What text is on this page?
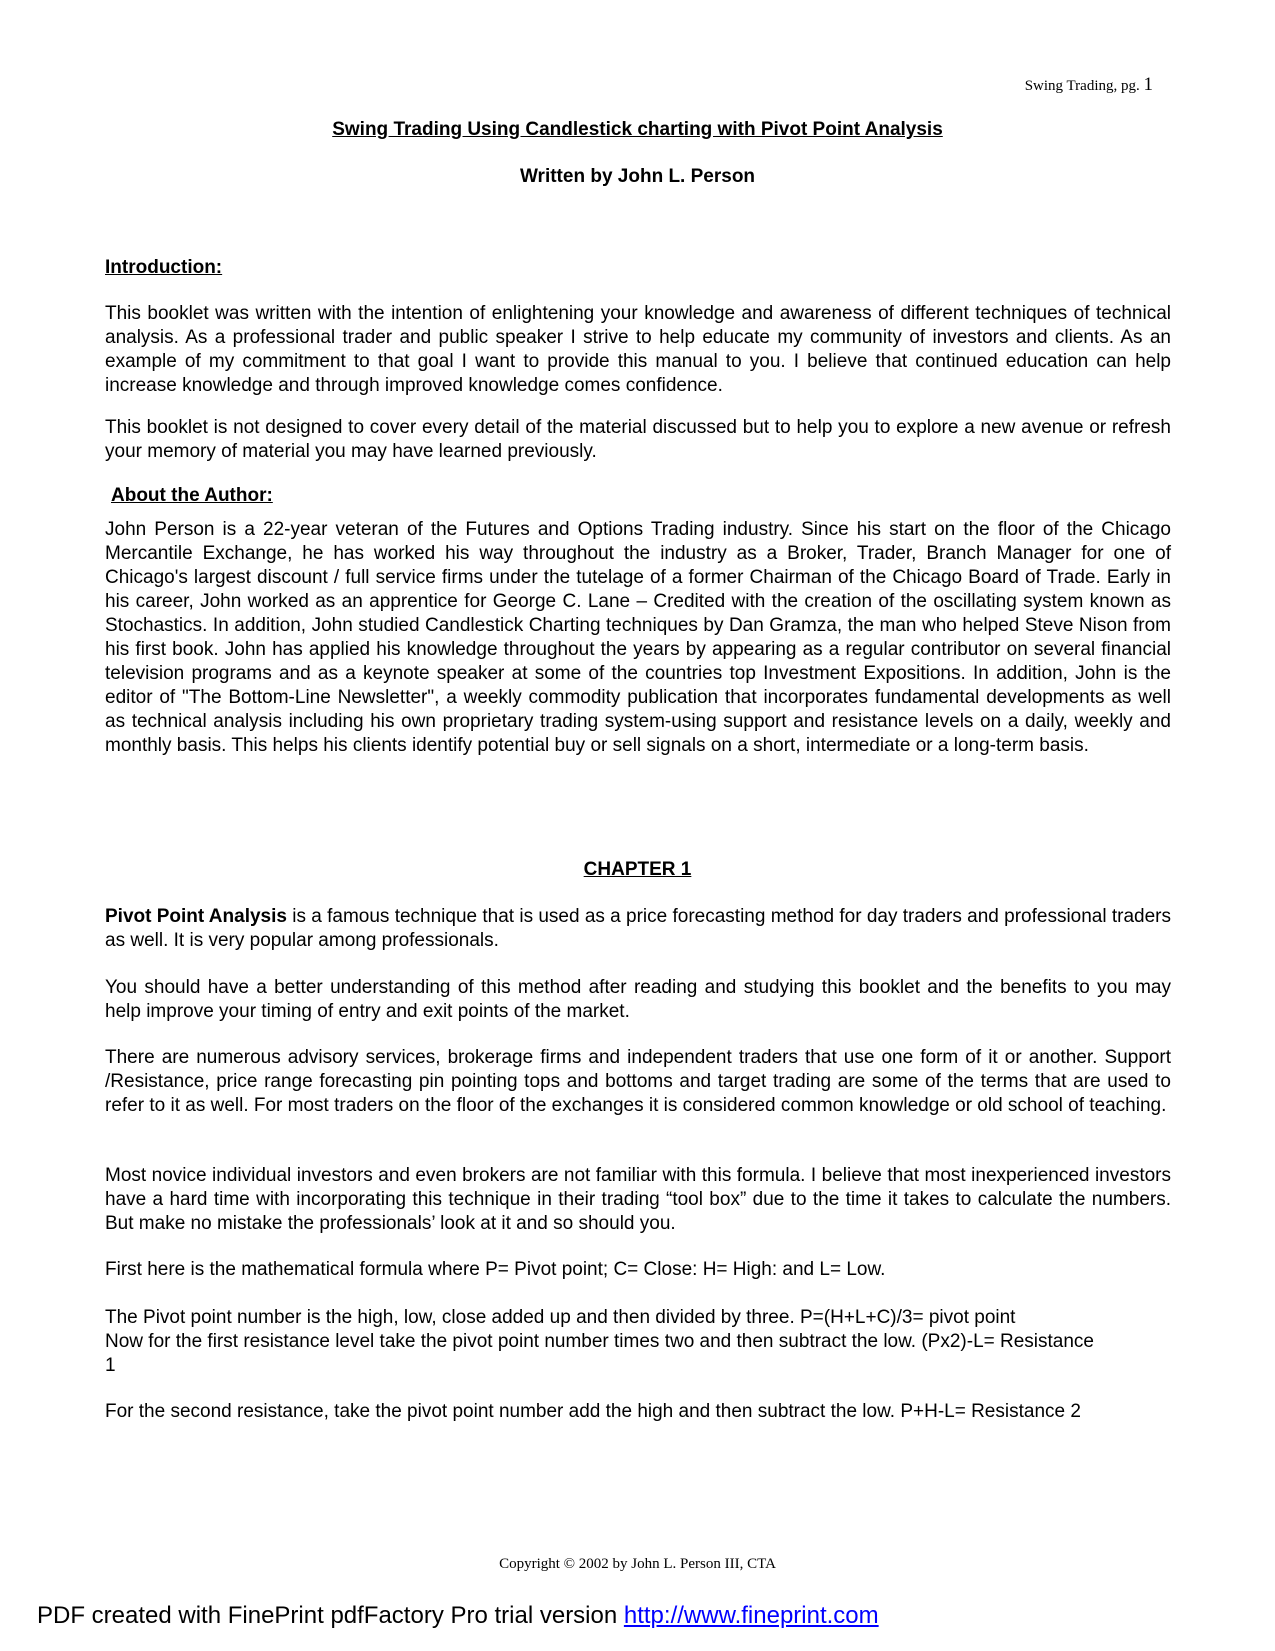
Swing Trading, pg. 1
Swing Trading Using Candlestick charting with Pivot Point Analysis
Written by John L. Person
Introduction:

This booklet was written with the intention of enlightening your knowledge and awareness of different techniques of technical analysis. As a professional trader and public speaker I strive to help educate my community of investors and clients. As an example of my commitment to that goal I want to provide this manual to you. I believe that continued education can help increase knowledge and through improved knowledge comes confidence.

This booklet is not designed to cover every detail of the material discussed but to help you to explore a new avenue or refresh your memory of material you may have learned previously.

About the Author:

John Person is a 22-year veteran of the Futures and Options Trading industry. Since his start on the floor of the Chicago Mercantile Exchange, he has worked his way throughout the industry as a Broker, Trader, Branch Manager for one of Chicago's largest discount / full service firms under the tutelage of a former Chairman of the Chicago Board of Trade. Early in his career, John worked as an apprentice for George C. Lane – Credited with the creation of the oscillating system known as Stochastics. In addition, John studied Candlestick Charting techniques by Dan Gramza, the man who helped Steve Nison from his first book. John has applied his knowledge throughout the years by appearing as a regular contributor on several financial television programs and as a keynote speaker at some of the countries top Investment Expositions. In addition, John is the editor of "The Bottom-Line Newsletter", a weekly commodity publication that incorporates fundamental developments as well as technical analysis including his own proprietary trading system-using support and resistance levels on a daily, weekly and monthly basis. This helps his clients identify potential buy or sell signals on a short, intermediate or a long-term basis.

CHAPTER 1

Pivot Point Analysis is a famous technique that is used as a price forecasting method for day traders and professional traders as well. It is very popular among professionals.

You should have a better understanding of this method after reading and studying this booklet and the benefits to you may help improve your timing of entry and exit points of the market.

There are numerous advisory services, brokerage firms and independent traders that use one form of it or another. Support /Resistance, price range forecasting pin pointing tops and bottoms and target trading are some of the terms that are used to refer to it as well. For most traders on the floor of the exchanges it is considered common knowledge or old school of teaching.

Most novice individual investors and even brokers are not familiar with this formula. I believe that most inexperienced investors have a hard time with incorporating this technique in their trading “tool box” due to the time it takes to calculate the numbers. But make no mistake the professionals’ look at it and so should you.

First here is the mathematical formula where P= Pivot point; C= Close: H= High: and L= Low.

The Pivot point number is the high, low, close added up and then divided by three. P=(H+L+C)/3= pivot point

Now for the first resistance level take the pivot point number times two and then subtract the low. (Px2)-L= Resistance 1

For the second resistance, take the pivot point number add the high and then subtract the low. P+H-L= Resistance 2

Copyright © 2002 by John L. Person III, CTA
PDF created with FinePrint pdfFactory Pro trial version http://www.fineprint.com
